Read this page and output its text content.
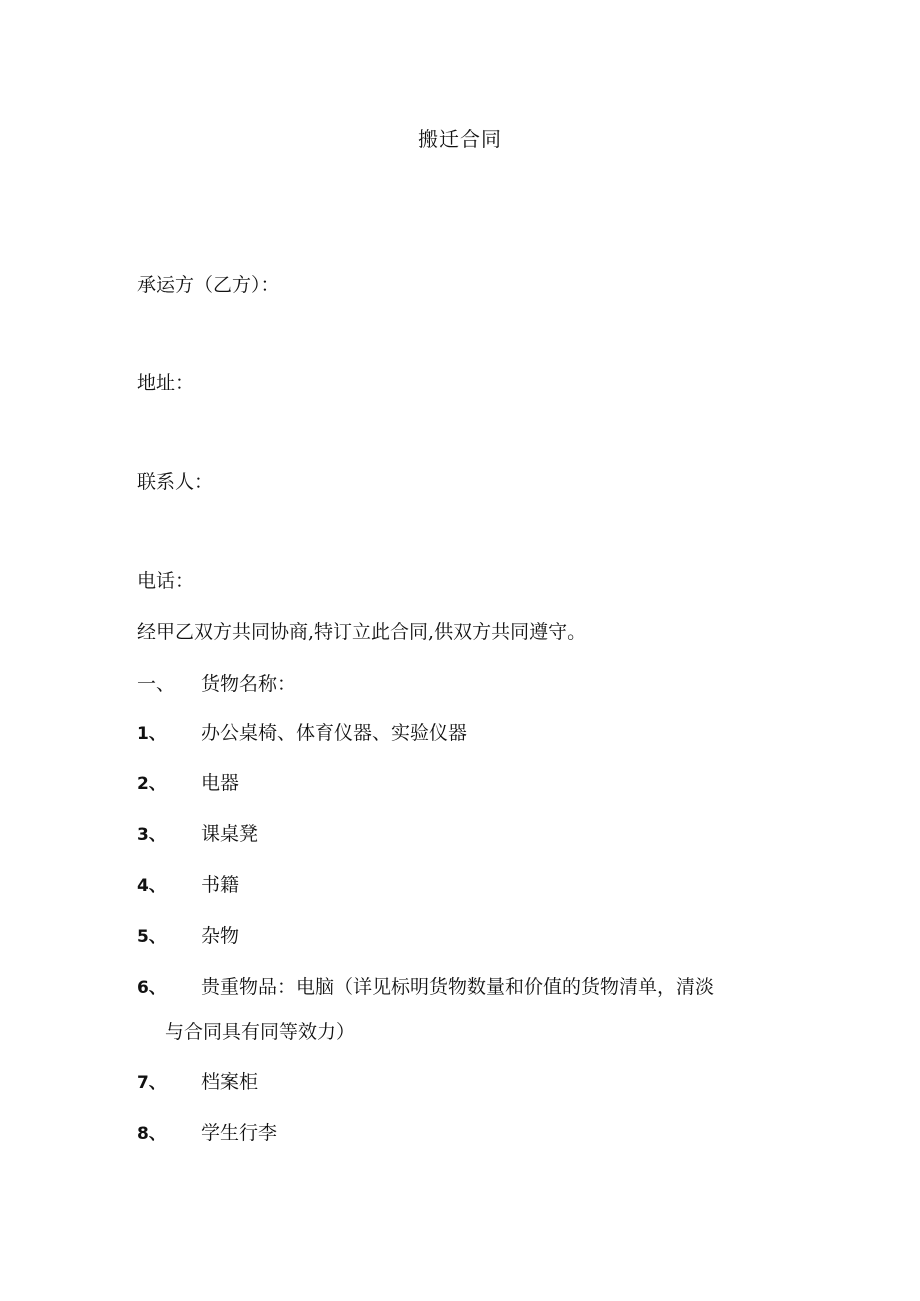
搬迁合同
承运方（乙方）：
地址：
联系人：
电话：
经甲乙双方共同协商,特订立此合同,供双方共同遵守。
一、 货物名称：
1、 办公桌椅、体育仪器、实验仪器
2、 电器
3、 课桌凳
4、 书籍
5、 杂物
6、 贵重物品：电脑（详见标明货物数量和价值的货物清单，清淡
与合同具有同等效力）
7、 档案柜
8、 学生行李
